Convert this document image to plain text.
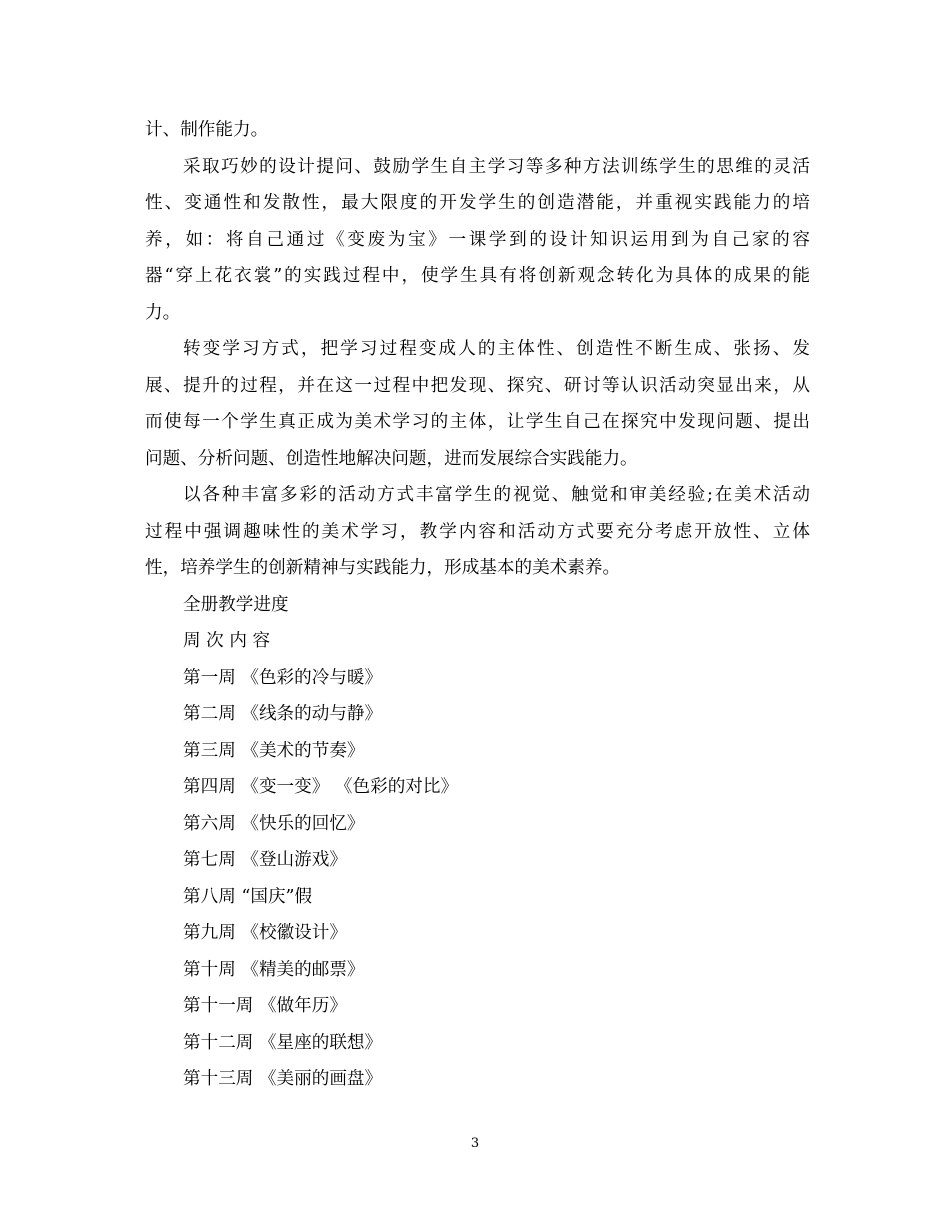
计、制作能力。
采取巧妙的设计提问、鼓励学生自主学习等多种方法训练学生的思维的灵活
性、变通性和发散性，最大限度的开发学生的创造潜能，并重视实践能力的培
养，如：将自己通过《变废为宝》一课学到的设计知识运用到为自己家的容
器“穿上花衣裳”的实践过程中，使学生具有将创新观念转化为具体的成果的能
力。
转变学习方式，把学习过程变成人的主体性、创造性不断生成、张扬、发
展、提升的过程，并在这一过程中把发现、探究、研讨等认识活动突显出来，从
而使每一个学生真正成为美术学习的主体，让学生自己在探究中发现问题、提出
问题、分析问题、创造性地解决问题，进而发展综合实践能力。
以各种丰富多彩的活动方式丰富学生的视觉、触觉和审美经验;在美术活动
过程中强调趣味性的美术学习，教学内容和活动方式要充分考虑开放性、立体
性，培养学生的创新精神与实践能力，形成基本的美术素养。
全册教学进度
周 次 内 容
第一周 《色彩的冷与暖》
第二周 《线条的动与静》
第三周 《美术的节奏》
第四周 《变一变》 《色彩的对比》
第六周 《快乐的回忆》
第七周 《登山游戏》
第八周 “国庆”假
第九周 《校徽设计》
第十周 《精美的邮票》
第十一周 《做年历》
第十二周 《星座的联想》
第十三周 《美丽的画盘》
3
